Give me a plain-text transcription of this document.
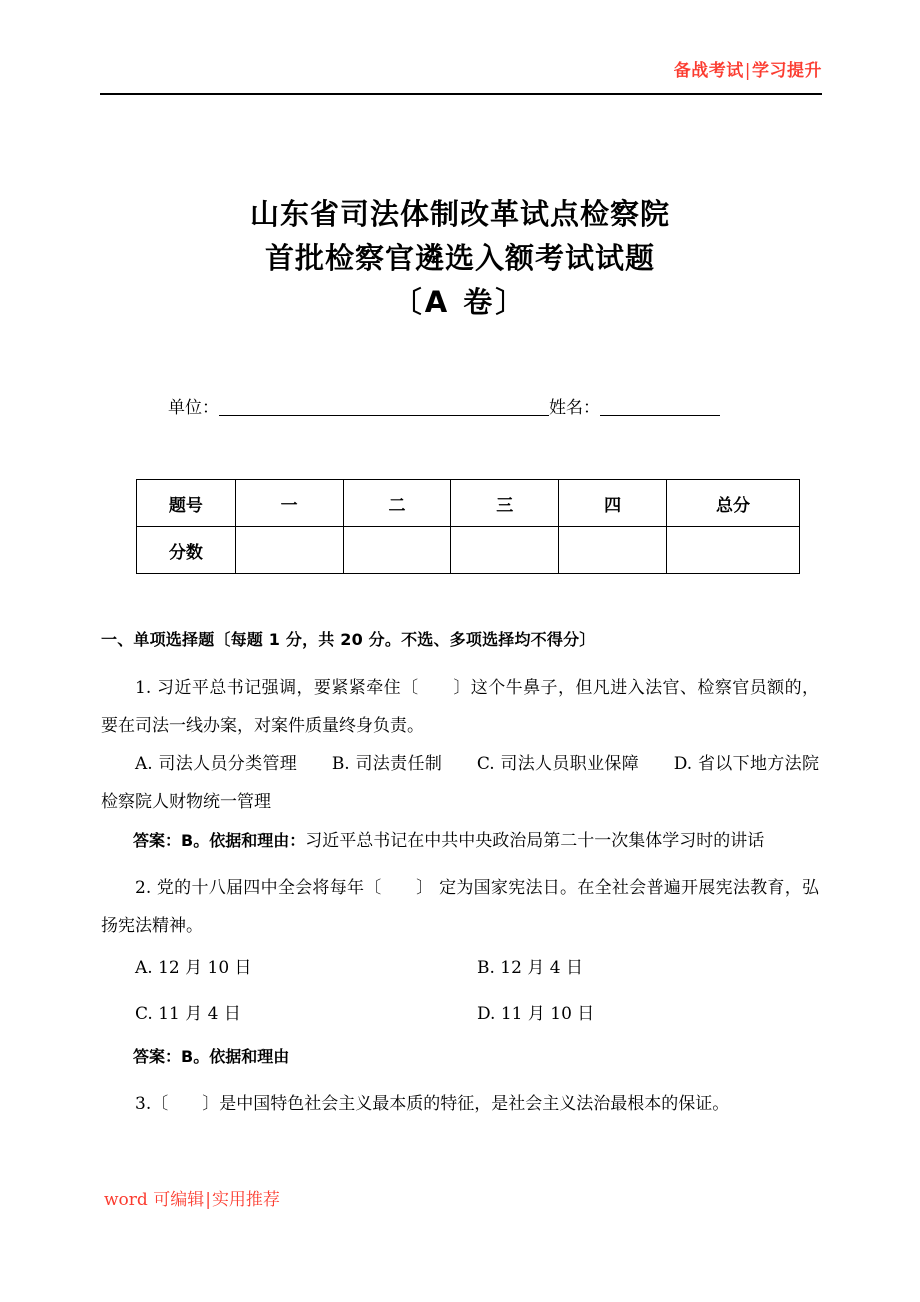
备战考试|学习提升
山东省司法体制改革试点检察院
首批检察官遴选入额考试试题
〔A 卷〕
单位：	姓名：
题号	一	二	三	四	总分
分数					

一、单项选择题〔每题 1 分，共 20 分。不选、多项选择均不得分〕

1. 习近平总书记强调，要紧紧牵住〔　　〕这个牛鼻子，但凡进入法官、检察官员额的，要在司法一线办案，对案件质量终身负责。

A. 司法人员分类管理　　B. 司法责任制　　C. 司法人员职业保障　　D. 省以下地方法院检察院人财物统一管理

答案：B。依据和理由：习近平总书记在中共中央政治局第二十一次集体学习时的讲话

2. 党的十八届四中全会将每年〔　　〕 定为国家宪法日。在全社会普遍开展宪法教育，弘扬宪法精神。

A. 12 月 10 日	B. 12 月 4 日
C. 11 月 4 日	D. 11 月 10 日

答案：B。依据和理由

3.〔　　〕是中国特色社会主义最本质的特征，是社会主义法治最根本的保证。

word 可编辑|实用推荐
